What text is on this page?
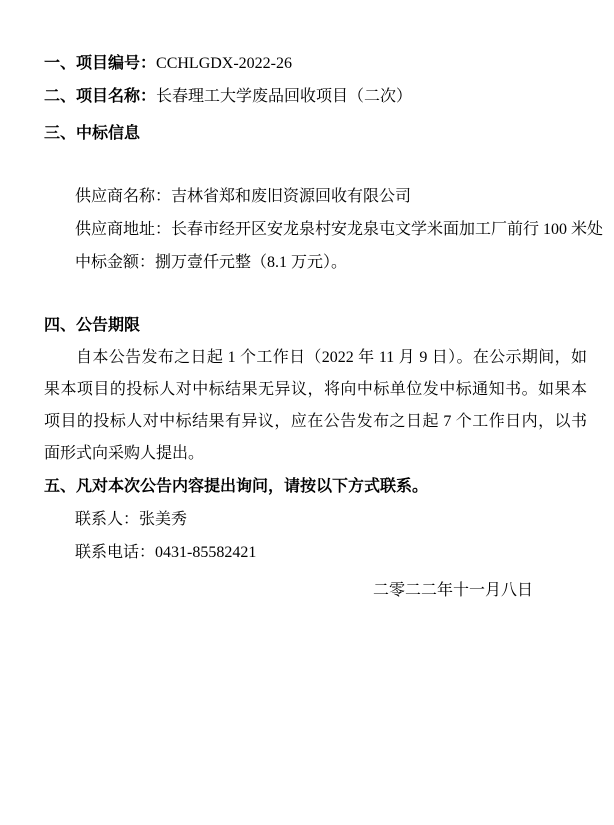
一、项目编号：CCHLGDX-2022-26

二、项目名称：长春理工大学废品回收项目（二次）

三、中标信息

供应商名称：吉林省郑和废旧资源回收有限公司

供应商地址：长春市经开区安龙泉村安龙泉屯文学米面加工厂前行 100 米处

中标金额：捌万壹仟元整（8.1 万元）。

四、公告期限

自本公告发布之日起 1 个工作日（2022 年 11 月 9 日）。在公示期间，如果本项目的投标人对中标结果无异议，将向中标单位发中标通知书。如果本项目的投标人对中标结果有异议，应在公告发布之日起 7 个工作日内，以书面形式向采购人提出。

五、凡对本次公告内容提出询问，请按以下方式联系。

联系人：张美秀

联系电话：0431-85582421

二零二二年十一月八日
